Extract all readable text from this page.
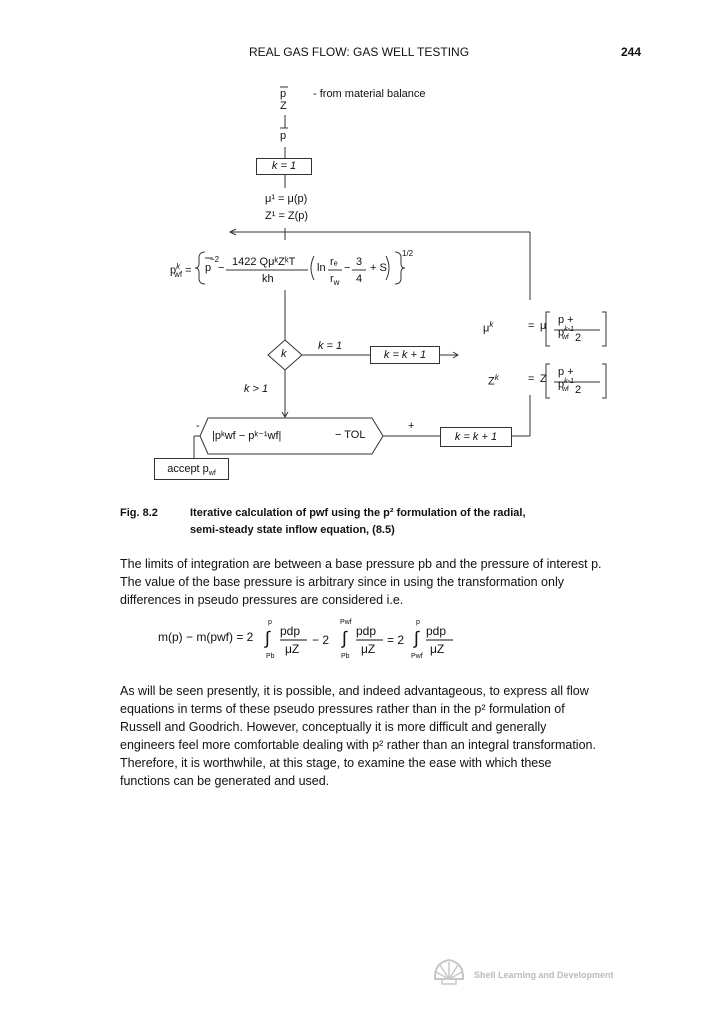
REAL GAS FLOW: GAS WELL TESTING	244
p - from material balance
Z
p
k = 1
μ¹ = μ(p)
Z¹ = Z(p)
$p^k_{wf} = p$
−2
− 1422 QμᵏZᵏT
kh
ln rₑ
$r_w$
− 3
4
+ S
1/2
k
k = 1
k > 1
k = k + 1
$\mu^k$	= μ $p + p^{k-1}_{wf}$ 2
$Z^k$	= Z
$p + p^{k-1}_{wf}$ 2
|pᵏwf − pᵏ⁻¹wf|	− TOL
-	+
k = k + 1
accept $p_{wf}$
Fig. 8.2	Iterative calculation of pwf using the p² formulation of the radial,
semi-steady state inflow equation, (8.5)

The limits of integration are between a base pressure pb and the pressure of interest p.

The value of the base pressure is arbitrary since in using the transformation only

differences in pseudo pressures are considered i.e.

m(p) − m(pwf) = 2
p
Pb
∫ pdp
μZ
− 2
Pwf
Pb
∫ pdp
μZ
= 2
p
Pwf
∫ pdp
μZ

As will be seen presently, it is possible, and indeed advantageous, to express all flow

equations in terms of these pseudo pressures rather than in the p² formulation of

Russell and Goodrich. However, conceptually it is more difficult and generally

engineers feel more comfortable dealing with p² rather than an integral transformation.

Therefore, it is worthwhile, at this stage, to examine the ease with which these

functions can be generated and used.

Shell Learning and Development
